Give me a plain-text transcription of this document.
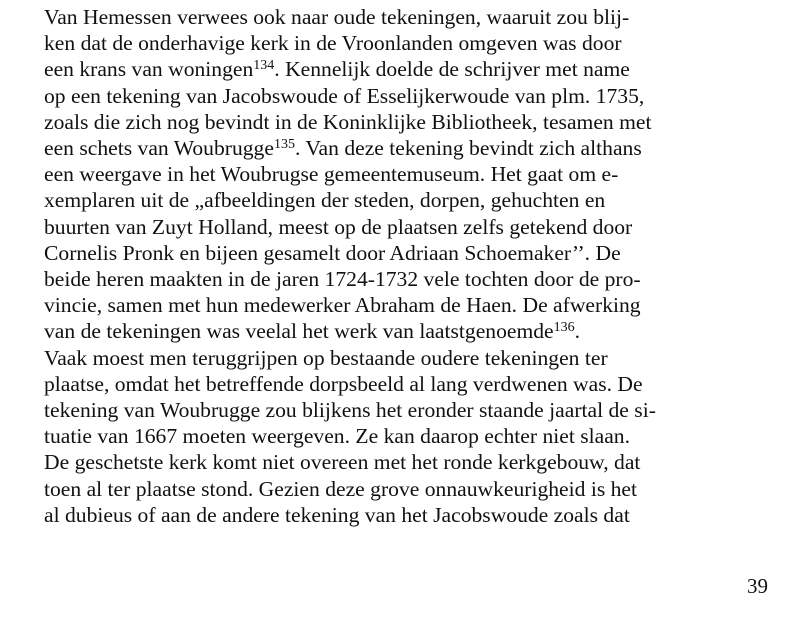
Van Hemessen verwees ook naar oude tekeningen, waaruit zou blij-
ken dat de onderhavige kerk in de Vroonlanden omgeven was door
een krans van woningen$^{134}$. Kennelijk doelde de schrijver met name
op een tekening van Jacobswoude of Esselijkerwoude van plm. 1735,
zoals die zich nog bevindt in de Koninklijke Bibliotheek, tesamen met
een schets van Woubrugge$^{135}$. Van deze tekening bevindt zich althans
een weergave in het Woubrugse gemeentemuseum. Het gaat om e-
xemplaren uit de „afbeeldingen der steden, dorpen, gehuchten en
buurten van Zuyt Holland, meest op de plaatsen zelfs getekend door
Cornelis Pronk en bijeen gesamelt door Adriaan Schoemaker’’. De
beide heren maakten in de jaren 1724-1732 vele tochten door de pro-
vincie, samen met hun medewerker Abraham de Haen. De afwerking
van de tekeningen was veelal het werk van laatstgenoemde$^{136}$.
Vaak moest men teruggrijpen op bestaande oudere tekeningen ter
plaatse, omdat het betreffende dorpsbeeld al lang verdwenen was. De
tekening van Woubrugge zou blijkens het eronder staande jaartal de si-
tuatie van 1667 moeten weergeven. Ze kan daarop echter niet slaan.
De geschetste kerk komt niet overeen met het ronde kerkgebouw, dat
toen al ter plaatse stond. Gezien deze grove onnauwkeurigheid is het
al dubieus of aan de andere tekening van het Jacobswoude zoals dat
39
